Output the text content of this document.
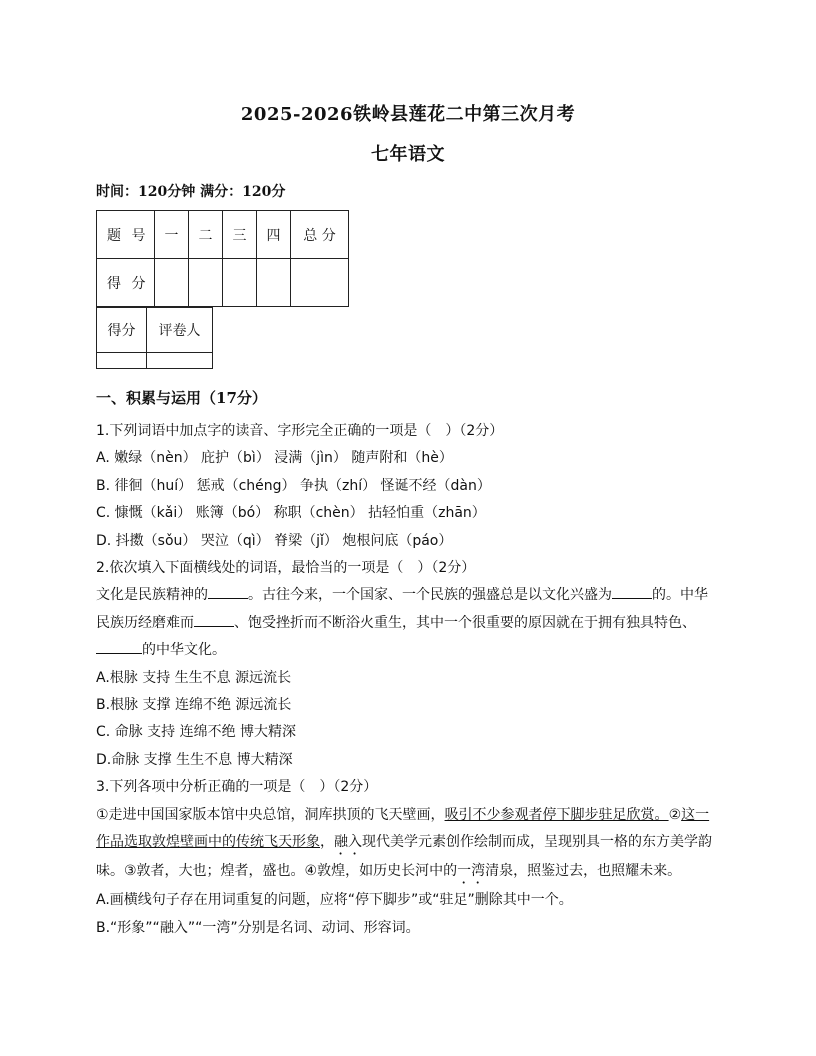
2025-2026铁岭县莲花二中第三次月考
七年语文
时间：120分钟 满分：120分
题 号	一	二	三	四	总 分
得 分					
得分	评卷人

一、积累与运用（17分）

1.下列词语中加点字的读音、字形完全正确的一项是（　）（2分）

A. 嫩绿（nèn） 庇护（bì） 浸满（jìn） 随声附和（hè）

B. 徘徊（huí） 惩戒（chéng） 争执（zhí） 怪诞不经（dàn）

C. 慷慨（kǎi） 账簿（bó） 称职（chèn） 拈轻怕重（zhān）

D. 抖擞（sǒu） 哭泣（qì） 脊梁（jǐ） 炮根问底（páo）

2.依次填入下面横线处的词语，最恰当的一项是（　）（2分）

文化是民族精神的	。古往今来，一个国家、一个民族的强盛总是以文化兴盛为	的。中华民族历经磨难而	、饱受挫折而不断浴火重生，其中一个很重要的原因就在于拥有独具特色、的中华文化。

A.根脉 支持 生生不息 源远流长

B.根脉 支撑 连绵不绝 源远流长

C. 命脉 支持 连绵不绝 博大精深

D.命脉 支撑 生生不息 博大精深

3.下列各项中分析正确的一项是（　）（2分）

①走进中国国家版本馆中央总馆，洞库拱顶的飞天壁画，吸引不少参观者停下脚步驻足欣赏。②这一作品选取敦煌壁画中的传统飞天形象，融入现代美学元素创作绘制而成，呈现别具一格的东方美学韵味。③敦者，大也；煌者，盛也。④敦煌，如历史长河中的一湾清泉，照鉴过去，也照耀未来。

A.画横线句子存在用词重复的问题，应将“停下脚步”或“驻足”删除其中一个。

B.“形象”“融入”“一湾”分别是名词、动词、形容词。
